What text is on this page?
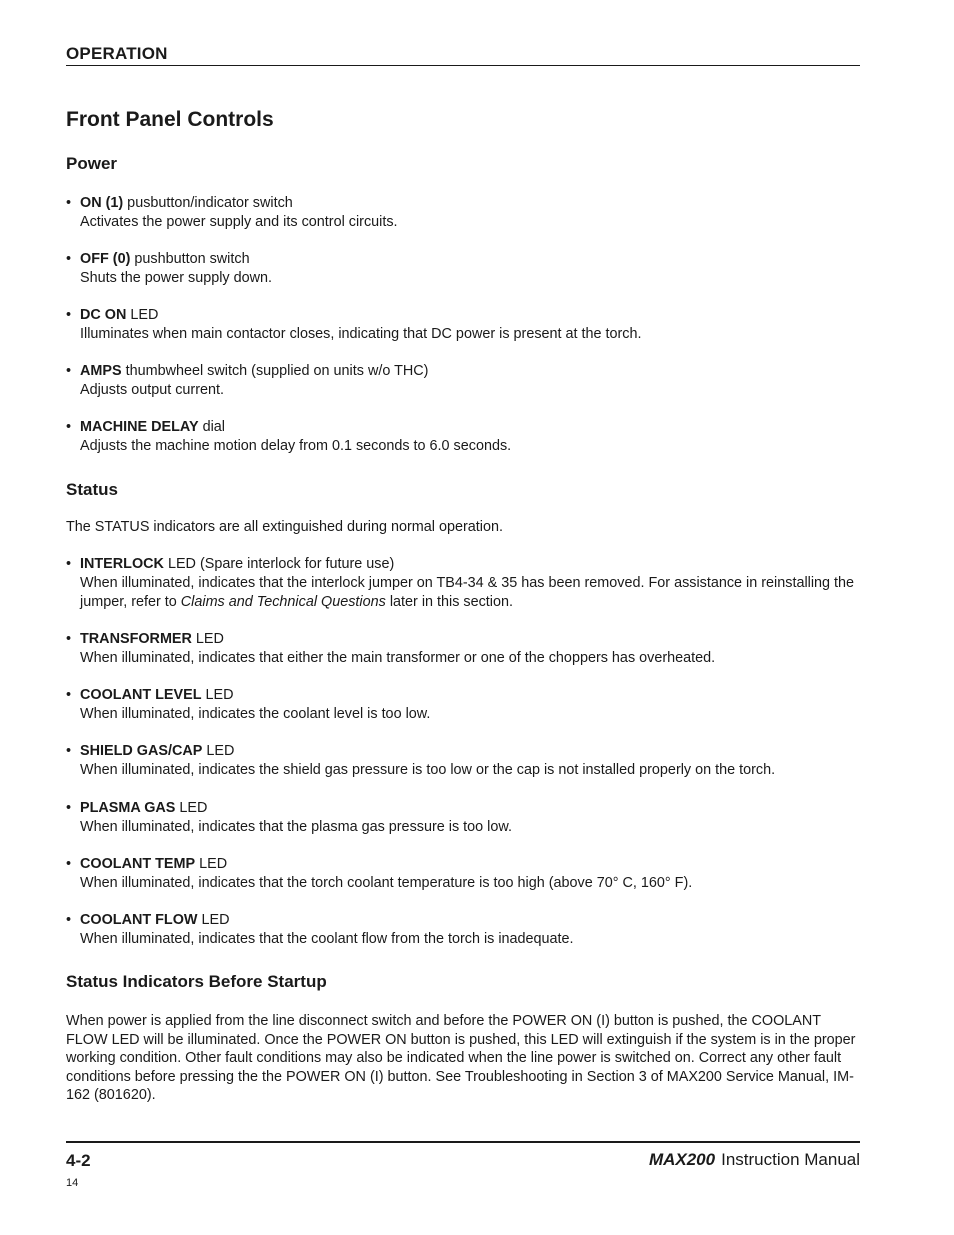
OPERATION
Front Panel Controls
Power
• ON (1) pusbutton/indicator switch
Activates the power supply and its control circuits.
• OFF (0) pushbutton switch
Shuts the power supply down.
• DC ON LED
Illuminates when main contactor closes, indicating that DC power is present at the torch.
• AMPS thumbwheel switch (supplied on units w/o THC)
Adjusts output current.
• MACHINE DELAY dial
Adjusts the machine motion delay from 0.1 seconds to 6.0 seconds.
Status
The STATUS indicators are all extinguished during normal operation.
• INTERLOCK LED (Spare interlock for future use)
When illuminated, indicates that the interlock jumper on TB4-34 & 35 has been removed. For assistance in reinstalling the jumper, refer to Claims and Technical Questions later in this section.
• TRANSFORMER LED
When illuminated, indicates that either the main transformer or one of the choppers has overheated.
• COOLANT LEVEL LED
When illuminated, indicates the coolant level is too low.
• SHIELD GAS/CAP LED
When illuminated, indicates the shield gas pressure is too low or the cap is not installed properly on the torch.
• PLASMA GAS LED
When illuminated, indicates that the plasma gas pressure is too low.
• COOLANT TEMP LED
When illuminated, indicates that the torch coolant temperature is too high (above 70° C, 160° F).
• COOLANT FLOW LED
When illuminated, indicates that the coolant flow from the torch is inadequate.
Status Indicators Before Startup
When power is applied from the line disconnect switch and before the POWER ON (I) button is pushed, the COOLANT FLOW LED will be illuminated. Once the POWER ON button is pushed, this LED will extinguish if the system is in the proper working condition. Other fault conditions may also be indicated when the line power is switched on. Correct any other fault conditions before pressing the the POWER ON (I) button. See Troubleshooting in Section 3 of MAX200 Service Manual, IM-162 (801620).
4-2	MAX200 Instruction Manual
14
